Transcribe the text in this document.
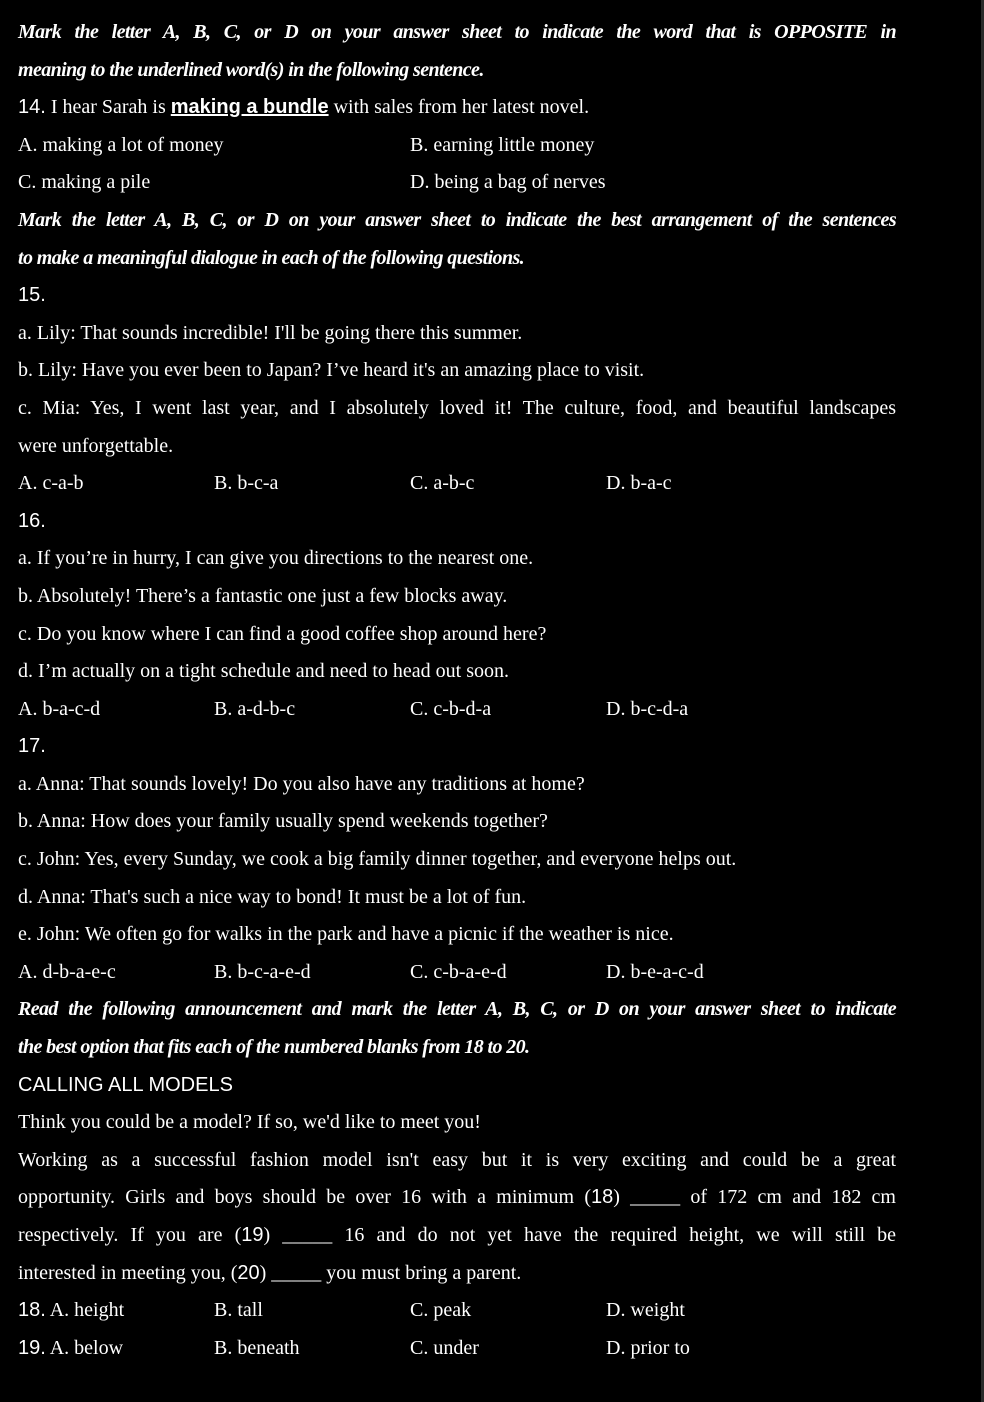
Mark the letter A, B, C, or D on your answer sheet to indicate the word that is OPPOSITE in
meaning to the underlined word(s) in the following sentence.
14. I hear Sarah is making a bundle with sales from her latest novel.
A. making a lot of money	B. earning little money
C. making a pile	D. being a bag of nerves
Mark the letter A, B, C, or D on your answer sheet to indicate the best arrangement of the sentences
to make a meaningful dialogue in each of the following questions.
15.
a. Lily: That sounds incredible! I'll be going there this summer.
b. Lily: Have you ever been to Japan? I’ve heard it's an amazing place to visit.
c. Mia: Yes, I went last year, and I absolutely loved it! The culture, food, and beautiful landscapes
were unforgettable.
A. c-a-b	B. b-c-a	C. a-b-c	D. b-a-c
16.
a. If you’re in hurry, I can give you directions to the nearest one.
b. Absolutely! There’s a fantastic one just a few blocks away.
c. Do you know where I can find a good coffee shop around here?
d. I’m actually on a tight schedule and need to head out soon.
A. b-a-c-d	B. a-d-b-c	C. c-b-d-a	D. b-c-d-a
17.
a. Anna: That sounds lovely! Do you also have any traditions at home?
b. Anna: How does your family usually spend weekends together?
c. John: Yes, every Sunday, we cook a big family dinner together, and everyone helps out.
d. Anna: That's such a nice way to bond! It must be a lot of fun.
e. John: We often go for walks in the park and have a picnic if the weather is nice.
A. d-b-a-e-c	B. b-c-a-e-d	C. c-b-a-e-d	D. b-e-a-c-d
Read the following announcement and mark the letter A, B, C, or D on your answer sheet to indicate
the best option that fits each of the numbered blanks from 18 to 20.
CALLING ALL MODELS
Think you could be a model? If so, we'd like to meet you!
Working as a successful fashion model isn't easy but it is very exciting and could be a great
opportunity. Girls and boys should be over 16 with a minimum (18) _____ of 172 cm and 182 cm
respectively. If you are (19) _____ 16 and do not yet have the required height, we will still be
interested in meeting you, (20) _____ you must bring a parent.
18. A. height	B. tall	C. peak	D. weight
19. A. below	B. beneath	C. under	D. prior to
